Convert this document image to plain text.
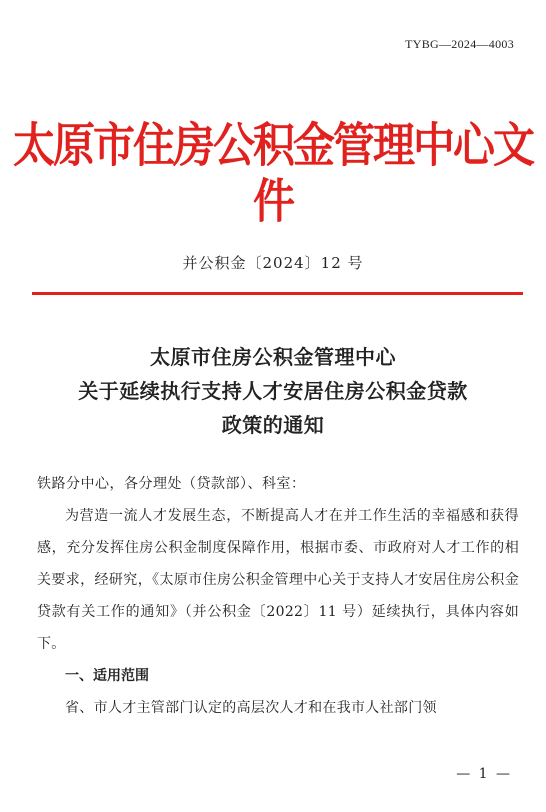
TYBG—2024—4003
太原市住房公积金管理中心文件
并公积金〔2024〕12 号
太原市住房公积金管理中心
关于延续执行支持人才安居住房公积金贷款
政策的通知
铁路分中心，各分理处（贷款部）、科室：
为营造一流人才发展生态，不断提高人才在并工作生活的幸福感和获得感，充分发挥住房公积金制度保障作用，根据市委、市政府对人才工作的相关要求，经研究，《太原市住房公积金管理中心关于支持人才安居住房公积金贷款有关工作的通知》（并公积金〔2022〕11 号）延续执行，具体内容如下。
一、适用范围
省、市人才主管部门认定的高层次人才和在我市人社部门领
— 1 —
